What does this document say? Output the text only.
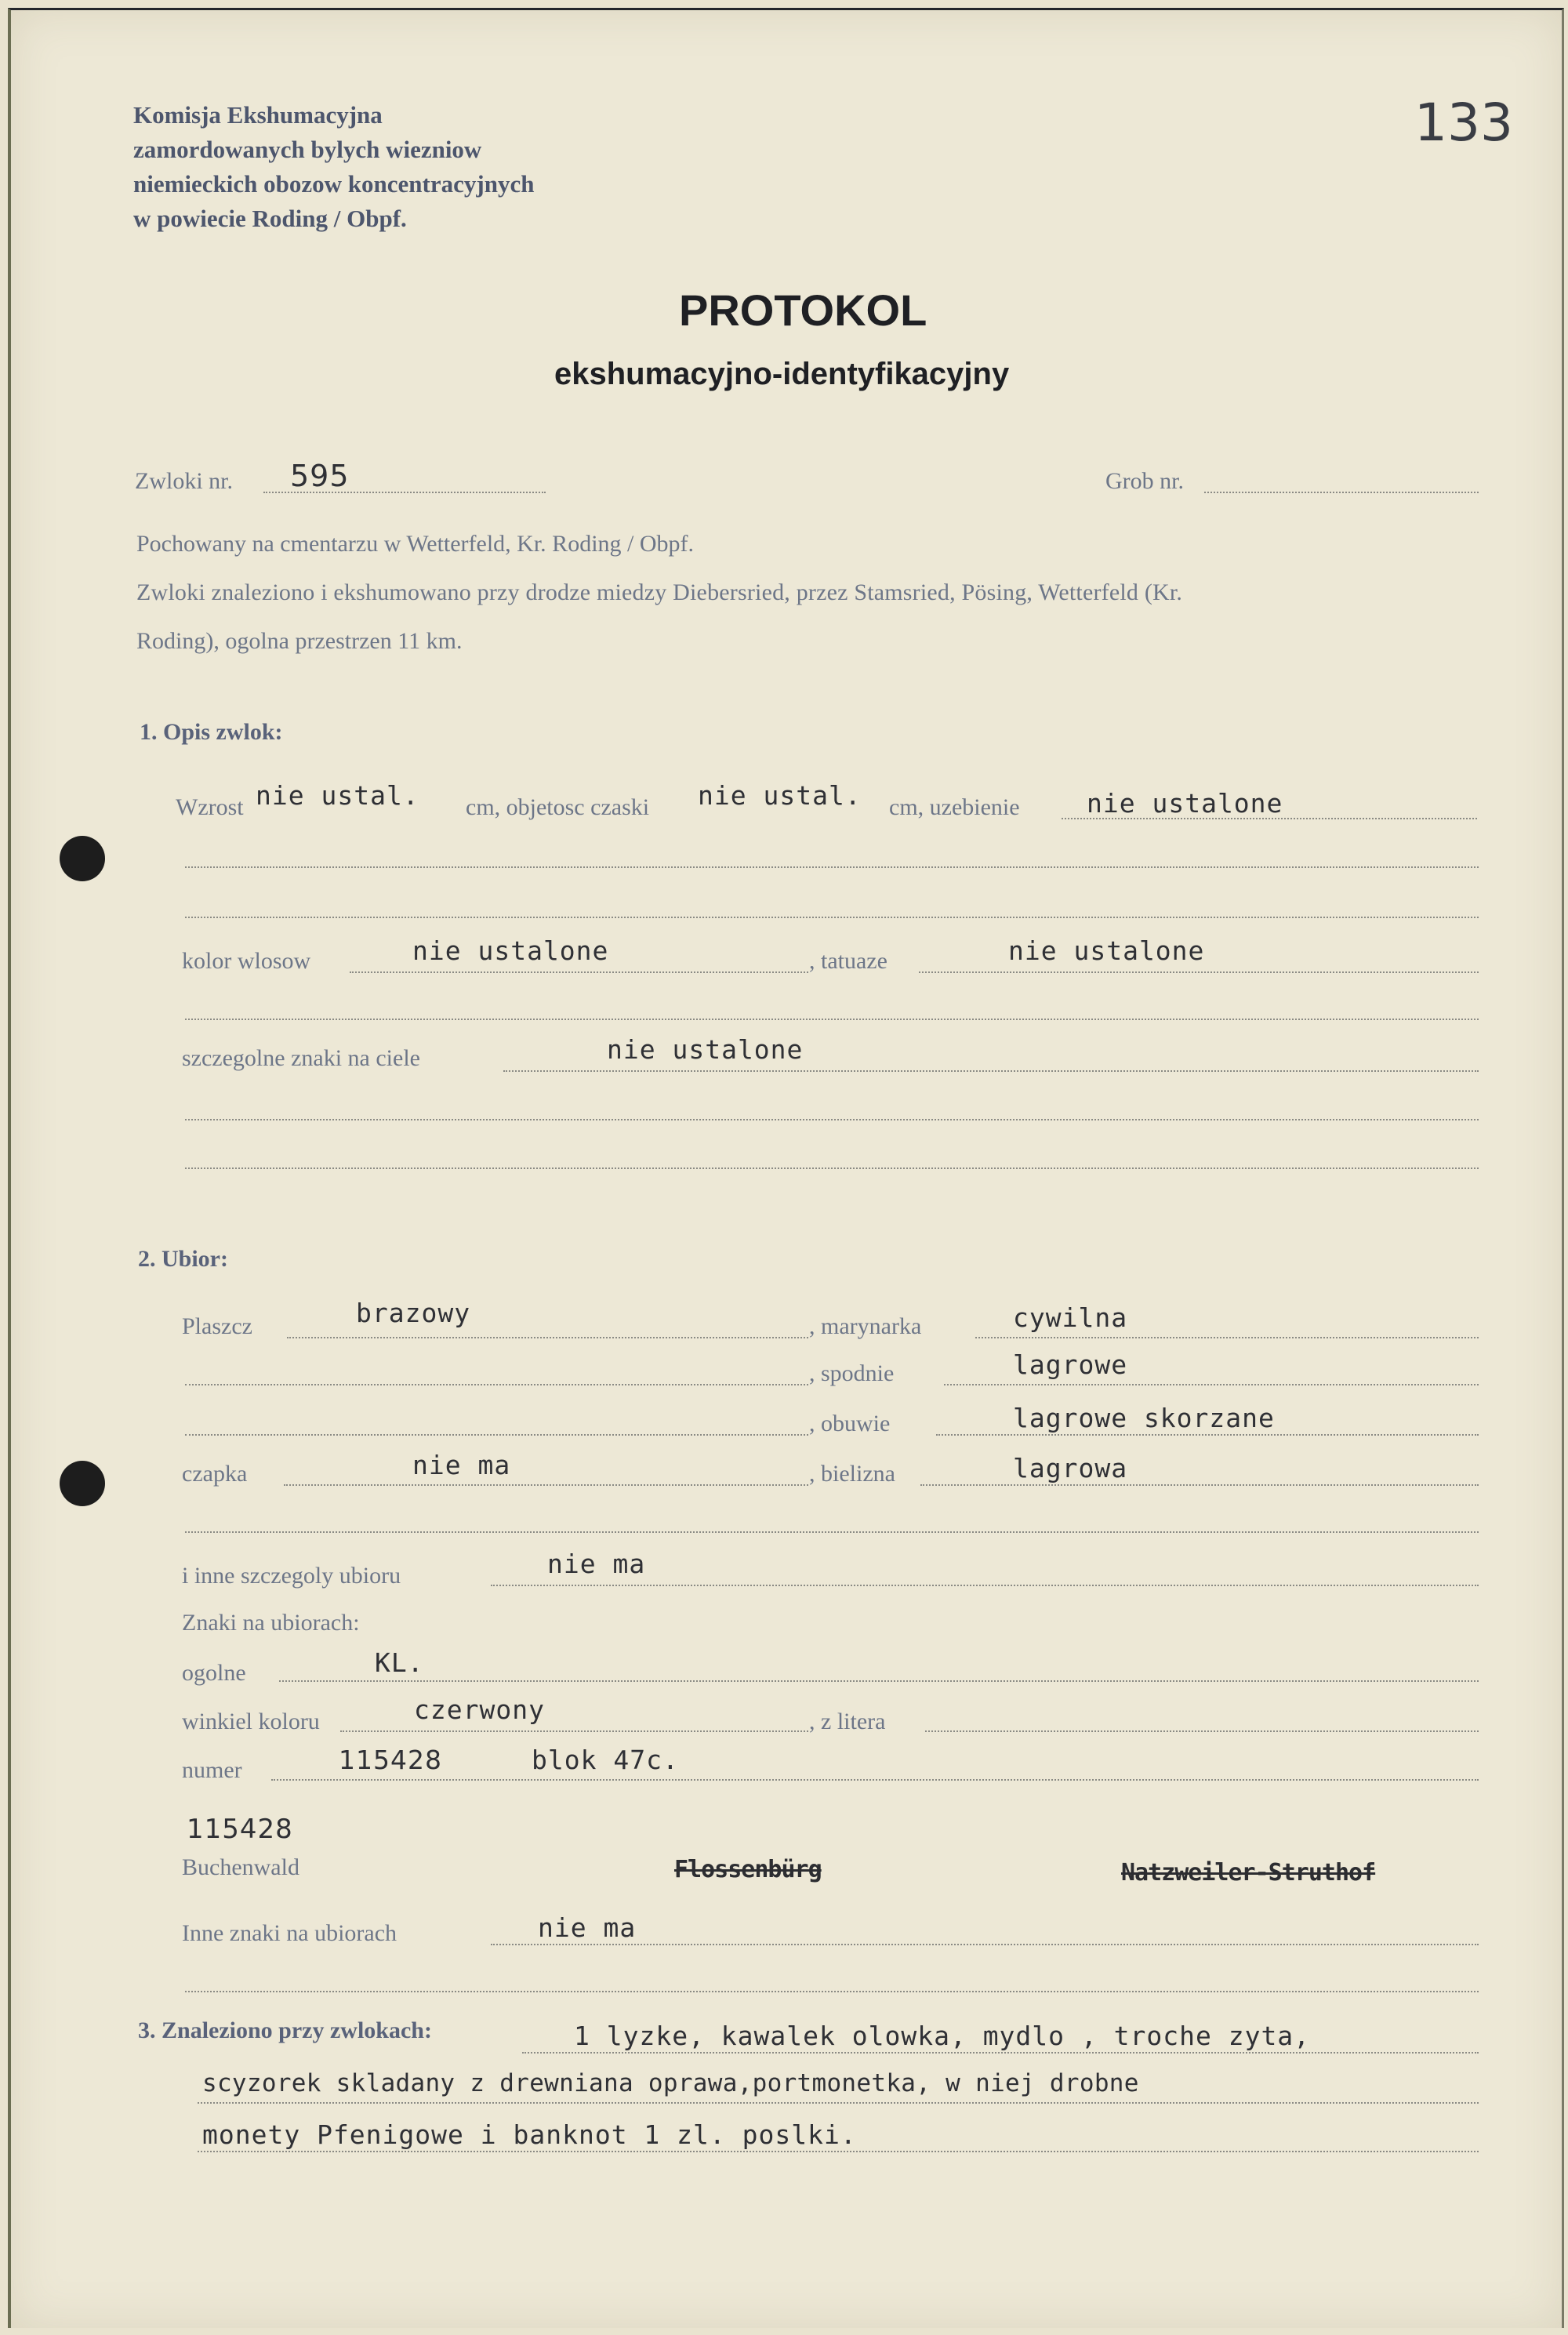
Komisja Ekshumacyjna
zamordowanych bylych wiezniow
niemieckich obozow koncentracyjnych
w powiecie Roding / Obpf.
133
PROTOKOL
ekshumacyjno-identyfikacyjny
Zwloki nr. 595	Grob nr.
Pochowany na cmentarzu w Wetterfeld, Kr. Roding / Obpf.
Zwloki znaleziono i ekshumowano przy drodze miedzy Diebersried, przez Stamsried, Pösing, Wetterfeld (Kr.
Roding), ogolna przestrzen 11 km.
1. Opis zwlok:
Wzrost nie ustal. cm, objetosc czaski nie ustal. cm, uzebienie	nie ustalone
kolor wlosow	nie ustalone	, tatuaze	nie ustalone
szczegolne znaki na ciele	nie ustalone
2. Ubior:
Plaszcz	brazowy	, marynarka	cywilna
, spodnie	lagrowe
, obuwie	lagrowe skorzane
czapka	nie ma	, bielizna	lagrowa
i inne szczegoly ubioru	nie ma
Znaki na ubiorach:
ogolne	KL.
winkiel koloru	czerwony	, z litera
numer	115428	blok 47c.
115428
Buchenwald	Flossenbürg	Natzweiler-Struthof
Inne znaki na ubiorach	nie ma
3. Znaleziono przy zwlokach:	1 lyzke, kawalek olowka, mydlo , troche zyta,
scyzorek skladany z drewniana oprawa,portmonetka, w niej drobne
monety Pfenigowe i banknot 1 zl. poslki.
